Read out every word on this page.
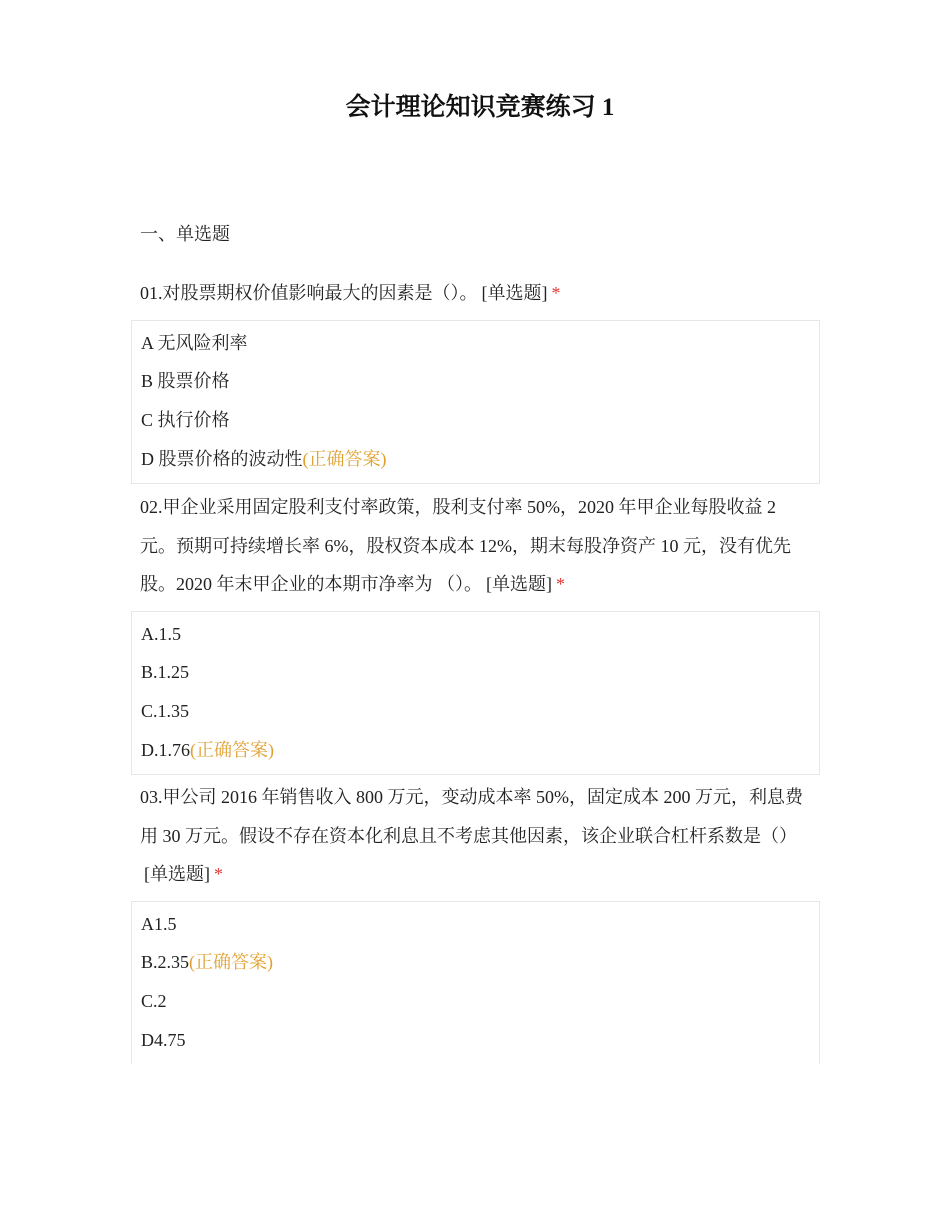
会计理论知识竞赛练习 1
一、单选题

01.对股票期权价值影响最大的因素是（）。 [单选题] *

A 无风险利率
B 股票价格
C 执行价格
D 股票价格的波动性(正确答案)

02.甲企业采用固定股利支付率政策，股利支付率 50%，2020 年甲企业每股收益 2 元。预期可持续增长率 6%，股权资本成本 12%，期末每股净资产 10 元，没有优先股。2020 年末甲企业的本期市净率为 （）。 [单选题] *

A.1.5
B.1.25
C.1.35
D.1.76(正确答案)

03.甲公司 2016 年销售收入 800 万元，变动成本率 50%，固定成本 200 万元，利息费用 30 万元。假设不存在资本化利息且不考虑其他因素，该企业联合杠杆系数是（）[单选题] *

A1.5
B.2.35(正确答案)
C.2
D4.75
